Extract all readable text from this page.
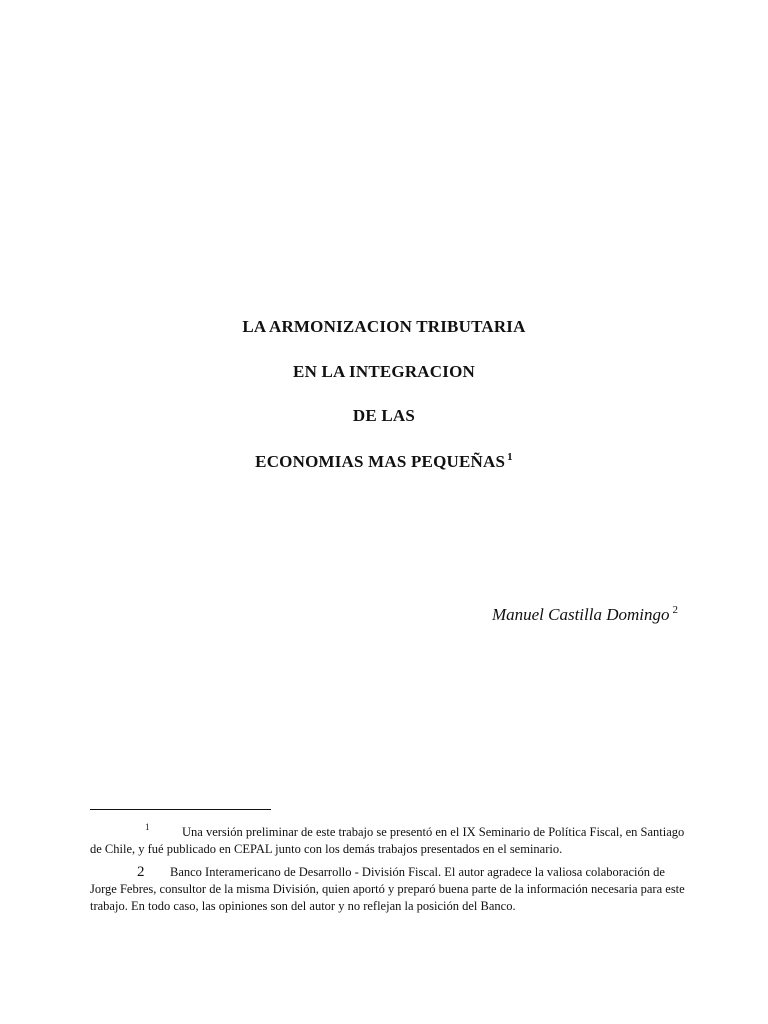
LA ARMONIZACION TRIBUTARIA
EN LA INTEGRACION
DE LAS
ECONOMIAS MAS PEQUEÑAS $^1$
Manuel Castilla Domingo $^2$
1	Una versión preliminar de este trabajo se presentó en el IX Seminario de Política Fiscal, en Santiago de Chile, y fué publicado en CEPAL junto con los demás trabajos presentados en el seminario.
2 Banco Interamericano de Desarrollo - División Fiscal. El autor agradece la valiosa colaboración de Jorge Febres, consultor de la misma División, quien aportó y preparó buena parte de la información necesaria para este trabajo. En todo caso, las opiniones son del autor y no reflejan la posición del Banco.
